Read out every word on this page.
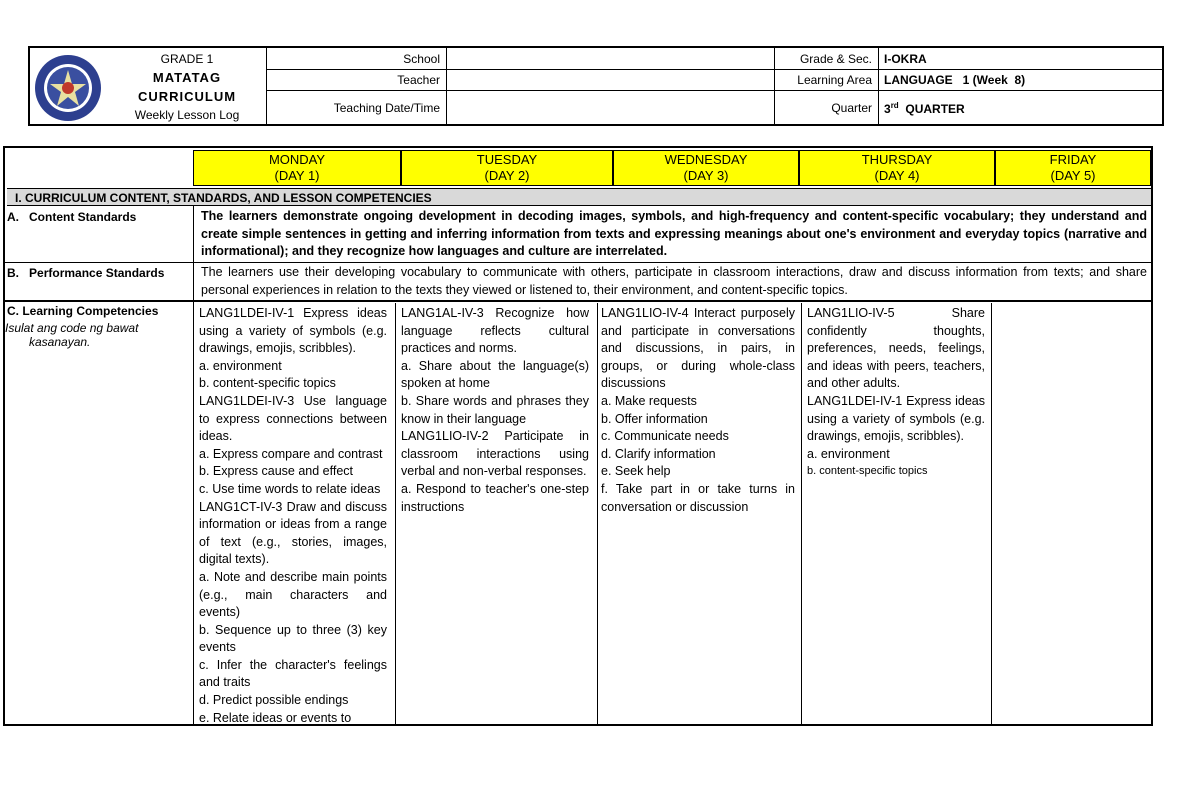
GRADE 1
MATATAG
CURRICULUM
Weekly Lesson Log
School
Teacher
Teaching Date/Time
Grade & Sec.
Learning Area
Quarter
I-OKRA
LANGUAGE   1 (Week  8)
3rd QUARTER
MONDAY
(DAY 1)
TUESDAY
(DAY 2)
WEDNESDAY
(DAY 3)
THURSDAY
(DAY 4)
FRIDAY
(DAY 5)
I. CURRICULUM CONTENT, STANDARDS, AND LESSON COMPETENCIES
A. Content Standards	The learners demonstrate ongoing development in decoding images, symbols, and high-frequency and content-specific vocabulary; they understand and create simple sentences in getting and inferring information from texts and expressing meanings about one's environment and everyday topics (narrative and informational); and they recognize how languages and culture are interrelated.
B. Performance Standards	The learners use their developing vocabulary to communicate with others, participate in classroom interactions, draw and discuss information from texts; and share personal experiences in relation to the texts they viewed or listened to, their environment, and content-specific topics.
C. Learning Competencies
Isulat ang code ng bawat
kasanayan.
LANG1LDEI-IV-1 Express ideas using a variety of symbols (e.g. drawings, emojis, scribbles).
a. environment
b. content-specific topics
LANG1LDEI-IV-3 Use language to express connections between ideas.
a. Express compare and contrast
b. Express cause and effect
c. Use time words to relate ideas
LANG1CT-IV-3 Draw and discuss information or ideas from a range of text (e.g., stories, images, digital texts).
a. Note and describe main points (e.g., main characters and events)
b. Sequence up to three (3) key events
c. Infer the character's feelings and traits
d. Predict possible endings
e. Relate ideas or events to
LANG1AL-IV-3 Recognize how language reflects cultural practices and norms.
a. Share about the language(s) spoken at home
b. Share words and phrases they know in their language
LANG1LIO-IV-2 Participate in classroom interactions using verbal and non-verbal responses.
a. Respond to teacher's one-step instructions
LANG1LIO-IV-4 Interact purposely and participate in conversations and discussions, in pairs, in groups, or during whole-class discussions
a. Make requests
b. Offer information
c. Communicate needs
d. Clarify information
e. Seek help
f. Take part in or take turns in conversation or discussion
LANG1LIO-IV-5 Share confidently thoughts, preferences, needs, feelings, and ideas with peers, teachers, and other adults.
LANG1LDEI-IV-1 Express ideas using a variety of symbols (e.g. drawings, emojis, scribbles).
a. environment
b. content-specific topics
